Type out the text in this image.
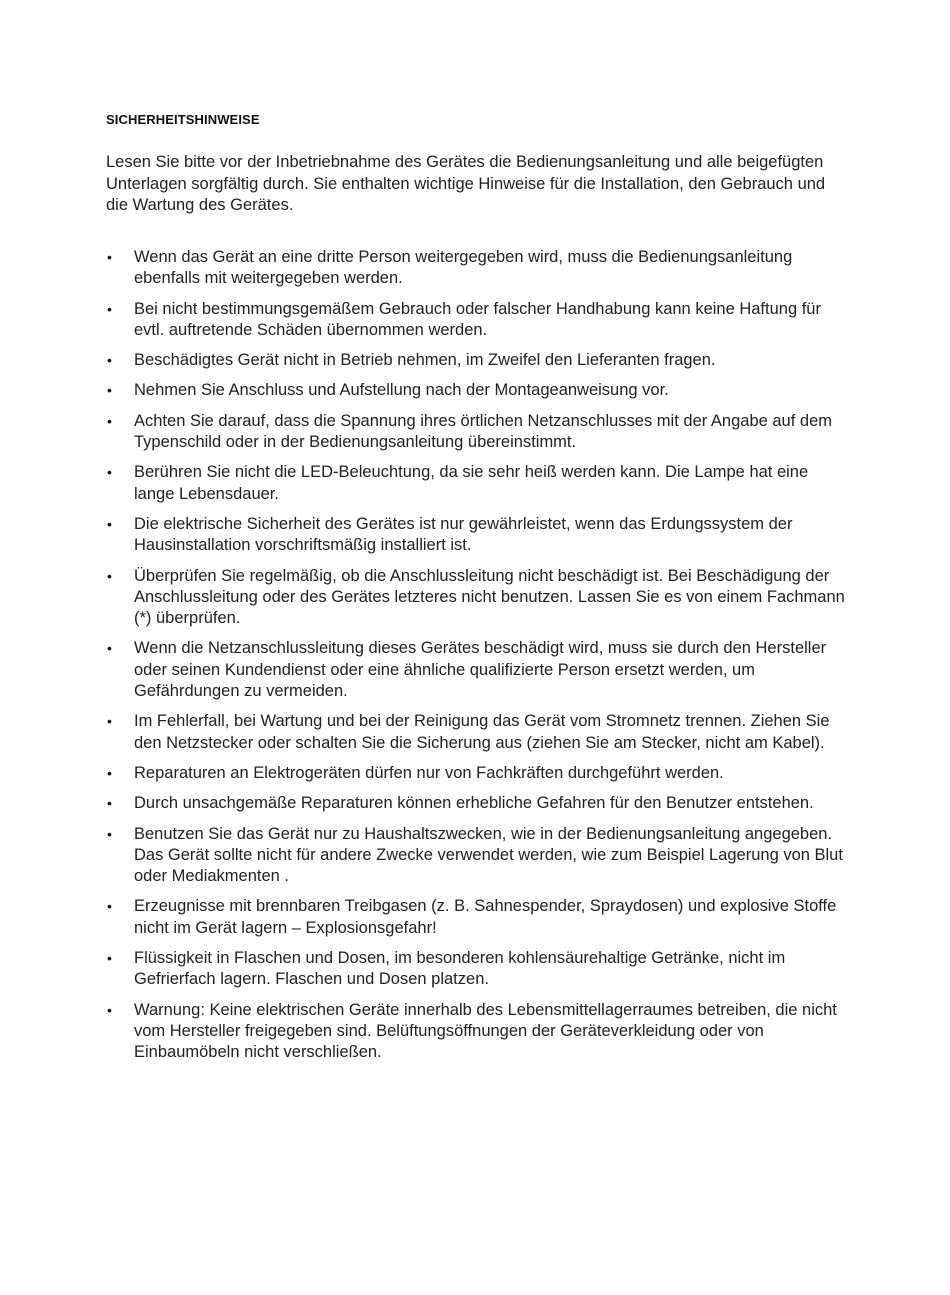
SICHERHEITSHINWEISE

Lesen Sie bitte vor der Inbetriebnahme des Gerätes die Bedienungsanleitung und alle beigefügten Unterlagen sorgfältig durch. Sie enthalten wichtige Hinweise für die Installation, den Gebrauch und die Wartung des Gerätes.

• Wenn das Gerät an eine dritte Person weitergegeben wird, muss die Bedienungsanleitung ebenfalls mit weitergegeben werden.
• Bei nicht bestimmungsgemäßem Gebrauch oder falscher Handhabung kann keine Haftung für evtl. auftretende Schäden übernommen werden.
• Beschädigtes Gerät nicht in Betrieb nehmen, im Zweifel den Lieferanten fragen.
• Nehmen Sie Anschluss und Aufstellung nach der Montageanweisung vor.
• Achten Sie darauf, dass die Spannung ihres örtlichen Netzanschlusses mit der Angabe auf dem Typenschild oder in der Bedienungsanleitung übereinstimmt.
• Berühren Sie nicht die LED-Beleuchtung, da sie sehr heiß werden kann. Die Lampe hat eine lange Lebensdauer.
• Die elektrische Sicherheit des Gerätes ist nur gewährleistet, wenn das Erdungssystem der Hausinstallation vorschriftsmäßig installiert ist.
• Überprüfen Sie regelmäßig, ob die Anschlussleitung nicht beschädigt ist. Bei Beschädigung der Anschlussleitung oder des Gerätes letzteres nicht benutzen. Lassen Sie es von einem Fachmann (*) überprüfen.
• Wenn die Netzanschlussleitung dieses Gerätes beschädigt wird, muss sie durch den Hersteller oder seinen Kundendienst oder eine ähnliche qualifizierte Person ersetzt werden, um Gefährdungen zu vermeiden.
• Im Fehlerfall, bei Wartung und bei der Reinigung das Gerät vom Stromnetz trennen. Ziehen Sie den Netzstecker oder schalten Sie die Sicherung aus (ziehen Sie am Stecker, nicht am Kabel).
• Reparaturen an Elektrogeräten dürfen nur von Fachkräften durchgeführt werden.
• Durch unsachgemäße Reparaturen können erhebliche Gefahren für den Benutzer entstehen.
• Benutzen Sie das Gerät nur zu Haushaltszwecken, wie in der Bedienungsanleitung angegeben. Das Gerät sollte nicht für andere Zwecke verwendet werden, wie zum Beispiel Lagerung von Blut oder Mediakmenten .
• Erzeugnisse mit brennbaren Treibgasen (z. B. Sahnespender, Spraydosen) und explosive Stoffe nicht im Gerät lagern – Explosionsgefahr!
• Flüssigkeit in Flaschen und Dosen, im besonderen kohlensäurehaltige Getränke, nicht im Gefrierfach lagern. Flaschen und Dosen platzen.
• Warnung: Keine elektrischen Geräte innerhalb des Lebensmittellagerraumes betreiben, die nicht vom Hersteller freigegeben sind. Belüftungsöffnungen der Geräteverkleidung oder von Einbaumöbeln nicht verschließen.
